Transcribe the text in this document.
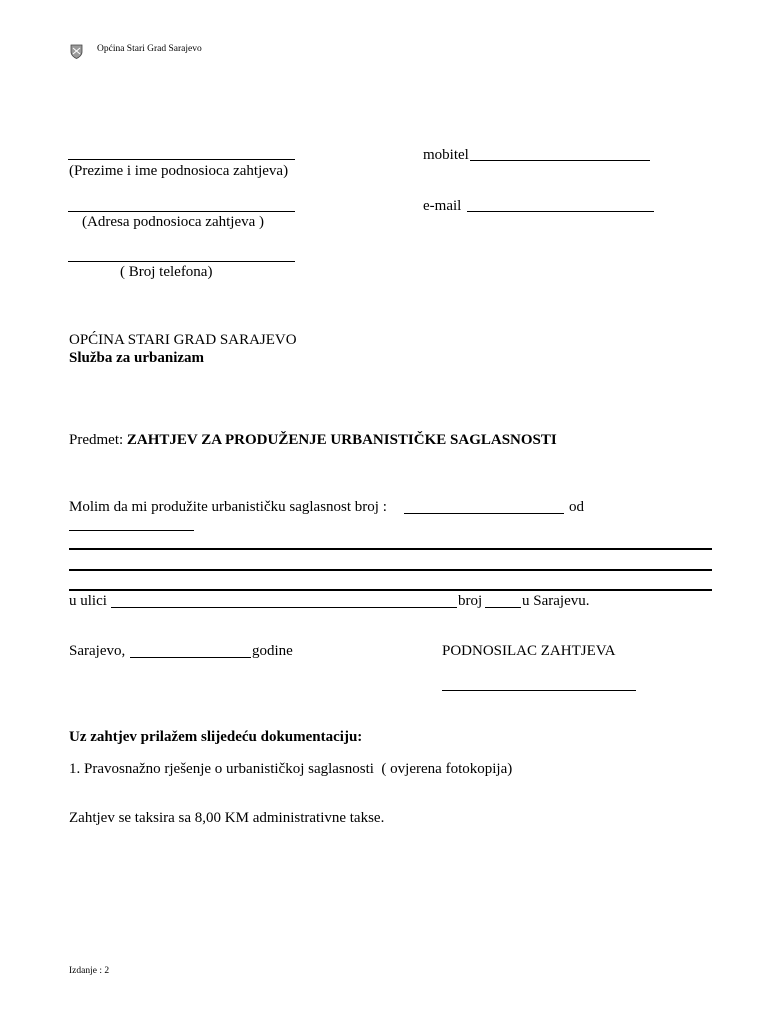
Općina Stari Grad Sarajevo
(Prezime i ime podnosioca zahtjeva)
(Adresa podnosioca zahtjeva )
( Broj telefona)
mobitel
e-mail
OPĆINA STARI GRAD SARAJEVO
Služba za urbanizam
Predmet: ZAHTJEV ZA PRODUŽENJE URBANISTIČKE SAGLASNOSTI
Molim da mi produžite urbanističku saglasnost broj :	od
u ulici	broj	u Sarajevu.
Sarajevo,	godine	PODNOSILAC ZAHTJEVA
Uz zahtjev prilažem slijedeću dokumentaciju:
1. Pravosnažno rješenje o urbanističkoj saglasnosti  ( ovjerena fotokopija)
Zahtjev se taksira sa 8,00 KM administrativne takse.
Izdanje : 2
